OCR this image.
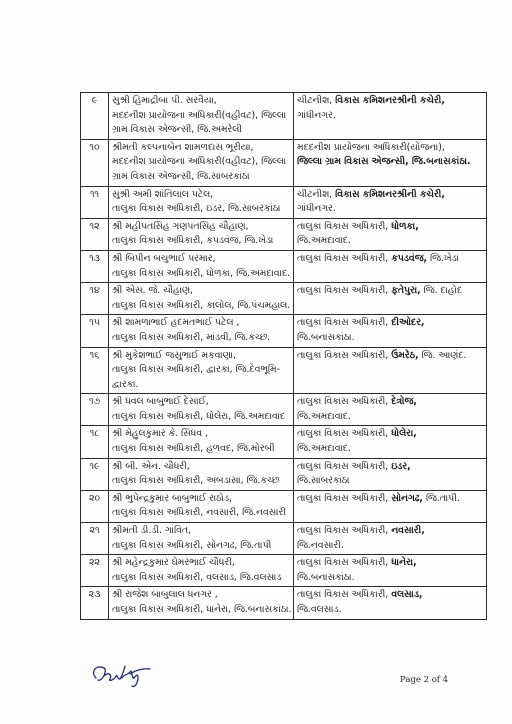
૯	સુશ્રી હિમાદ્રીબા પી. સરવૈયા,
મદદનીશ પ્રાયોજના અધિકારી(વહીવટ), જિલ્લા
ગ્રામ વિકાસ એજન્સી, જિ.અમરેલી	ચીટનીશ, વિકાસ કમિશનરશ્રીની કચેરી,
ગાંધીનગર.

૧૦	શ્રીમતી કલ્પનાબેન શામળદાસ ભૂરીયા,
મદદનીશ પ્રાયોજના અધિકારી(વહીવટ), જિલ્લા
ગ્રામ વિકાસ એજન્સી, જિ.સાબરકાંઠા	મદદનીશ પ્રાયોજના અધિકારી(યોજના),
જિલ્લા ગ્રામ વિકાસ એજન્સી, જિ.બનાસકાંઠા.

૧૧	સુશ્રી અમી શાંતિલાલ પટેલ,
તાલુકા વિકાસ અધિકારી, ઇડર, જિ.સાબરકાંઠા	ચીટનીશ, વિકાસ કમિશનરશ્રીની કચેરી,
ગાંધીનગર.

૧૨	શ્રી મહીપતસિંહ ગણપતસિંહ ચૌહાણ,
તાલુકા વિકાસ અધિકારી, કપડવંજ, જિ.ખેડા	તાલુકા વિકાસ અધિકારી, ધોળકા,
જિ.અમદાવાદ.

૧૩	શ્રી બિપીન બચુભાઈ પરમાર,
તાલુકા વિકાસ અધિકારી, ધોળકા, જિ.અમદાવાદ.	તાલુકા વિકાસ અધિકારી, કપડવંજ, જિ.ખેડા

૧૪	શ્રી એસ. જે. ચૌહાણ,
તાલુકા વિકાસ અધિકારી, કાલોલ, જિ.પંચમહાલ.	તાલુકા વિકાસ અધિકારી, ફતેપુરા, જિ. દાહોદ

૧૫	શ્રી શામળાભાઈ હદમતભાઈ પટેલ ,
તાલુકા વિકાસ અધિકારી, માંડવી, જિ.કચ્છ.	તાલુકા વિકાસ અધિકારી, દીઓદર,
જિ.બનાસકાંઠા.

૧૬	શ્રી મુકેશભાઈ જસુભાઈ મકવાણા,
તાલુકા વિકાસ અધિકારી, દ્વારકા, જિ.દેવભૂમિ-
દ્વારકા.	તાલુકા વિકાસ અધિકારી, ઉમરેઠ, જિ. આણંદ.

૧૭	શ્રી ધવલ બાબુભાઈ દેસાઈ,
તાલુકા વિકાસ અધિકારી, ધોલેરા, જિ.અમદાવાદ	તાલુકા વિકાસ અધિકારી, દેત્રોજ,
જિ.અમદાવાદ.

૧૮	શ્રી મેહુલકુમાર કે. સિંધવ ,
તાલુકા વિકાસ અધિકારી, હળવદ, જિ.મોરબી	તાલુકા વિકાસ અધિકારી, ધોલેરા,
જિ.અમદાવાદ.

૧૯	શ્રી બી. એન. ચૌધરી,
તાલુકા વિકાસ અધિકારી, અબડાસા, જિ.કચ્છ	તાલુકા વિકાસ અધિકારી, ઇડર,
જિ.સાબરકાંઠા

૨૦	શ્રી ભુપેન્દ્રકુમાર બાબુભાઈ રાઠોડ,
તાલુકા વિકાસ અધિકારી, નવસારી, જિ.નવસારી	તાલુકા વિકાસ અધિકારી, સોનગઢ, જિ.તાપી.

૨૧	શ્રીમતી ડી.ડી. ગાંવિત,
તાલુકા વિકાસ અધિકારી, સોનગઢ, જિ.તાપી	તાલુકા વિકાસ અધિકારી, નવસારી,
જિ.નવસારી.

૨૨	શ્રી મહેન્દ્રકુમાર ઘેમરભાઈ ચૌધરી,
તાલુકા વિકાસ અધિકારી, વલસાડ, જિ.વલસાડ	તાલુકા વિકાસ અધિકારી, ધાનેરા,
જિ.બનાસકાંઠા.

૨૩	શ્રી રાજેશ બાબુલાલ ધનગર ,
તાલુકા વિકાસ અધિકારી, ધાનેરા, જિ.બનાસકાંઠા.	તાલુકા વિકાસ અધિકારી, વલસાડ,
જિ.વલસાડ.
Page 2 of 4
